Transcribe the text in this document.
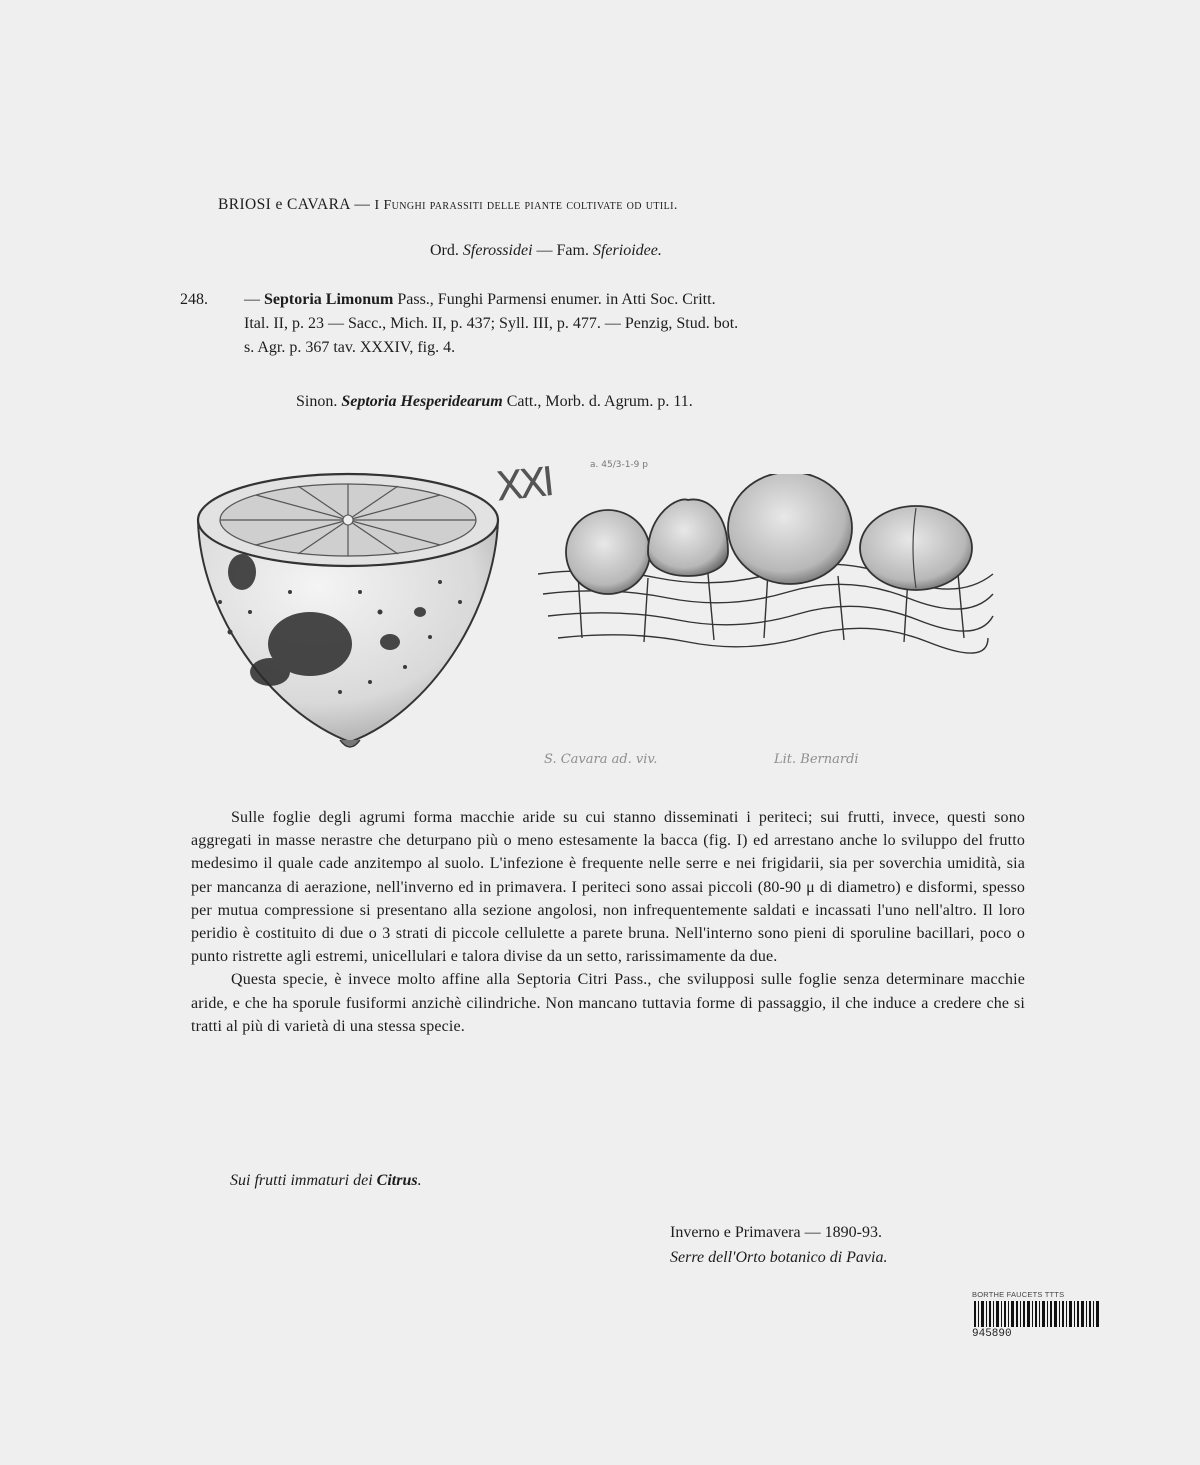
BRIOSI e CAVARA — I Funghi parassiti delle piante coltivate od utili.
Ord. Sferossidei — Fam. Sferioidee.
248.	— Septoria Limonum Pass., Funghi Parmensi enumer. in Atti Soc. Critt.
Ital. II, p. 23 — Sacc., Mich. II, p. 437; Syll. III, p. 477. — Penzig, Stud. bot.
s. Agr. p. 367 tav. XXXIV, fig. 4.
Sinon. Septoria Hesperidearum Catt., Morb. d. Agrum. p. 11.
XXI	a. 45/3-1-9 p
S. Cavara ad. viv.	Lit. Bernardi

Sulle foglie degli agrumi forma macchie aride su cui stanno disseminati i periteci; sui frutti, invece, questi sono aggregati in masse nerastre che deturpano più o meno estesamente la bacca (fig. I) ed arrestano anche lo sviluppo del frutto medesimo il quale cade anzitempo al suolo. L'infezione è frequente nelle serre e nei frigidarii, sia per soverchia umidità, sia per mancanza di aerazione, nell'inverno ed in primavera. I periteci sono assai piccoli (80-90 μ di diametro) e disformi, spesso per mutua compressione si presentano alla sezione angolosi, non infrequentemente saldati e incassati l'uno nell'altro. Il loro peridio è costituito di due o 3 strati di piccole cellulette a parete bruna. Nell'interno sono pieni di sporuline bacillari, poco o punto ristrette agli estremi, unicellulari e talora divise da un setto, rarissimamente da due.

Questa specie, è invece molto affine alla Septoria Citri Pass., che svilupposi sulle foglie senza determinare macchie aride, e che ha sporule fusiformi anzichè cilindriche. Non mancano tuttavia forme di passaggio, il che induce a credere che si tratti al più di varietà di una stessa specie.

Sui frutti immaturi dei Citrus.
Inverno e Primavera — 1890-93.
Serre dell'Orto botanico di Pavia.
BORTHE FAUCETS TTTS
945890
